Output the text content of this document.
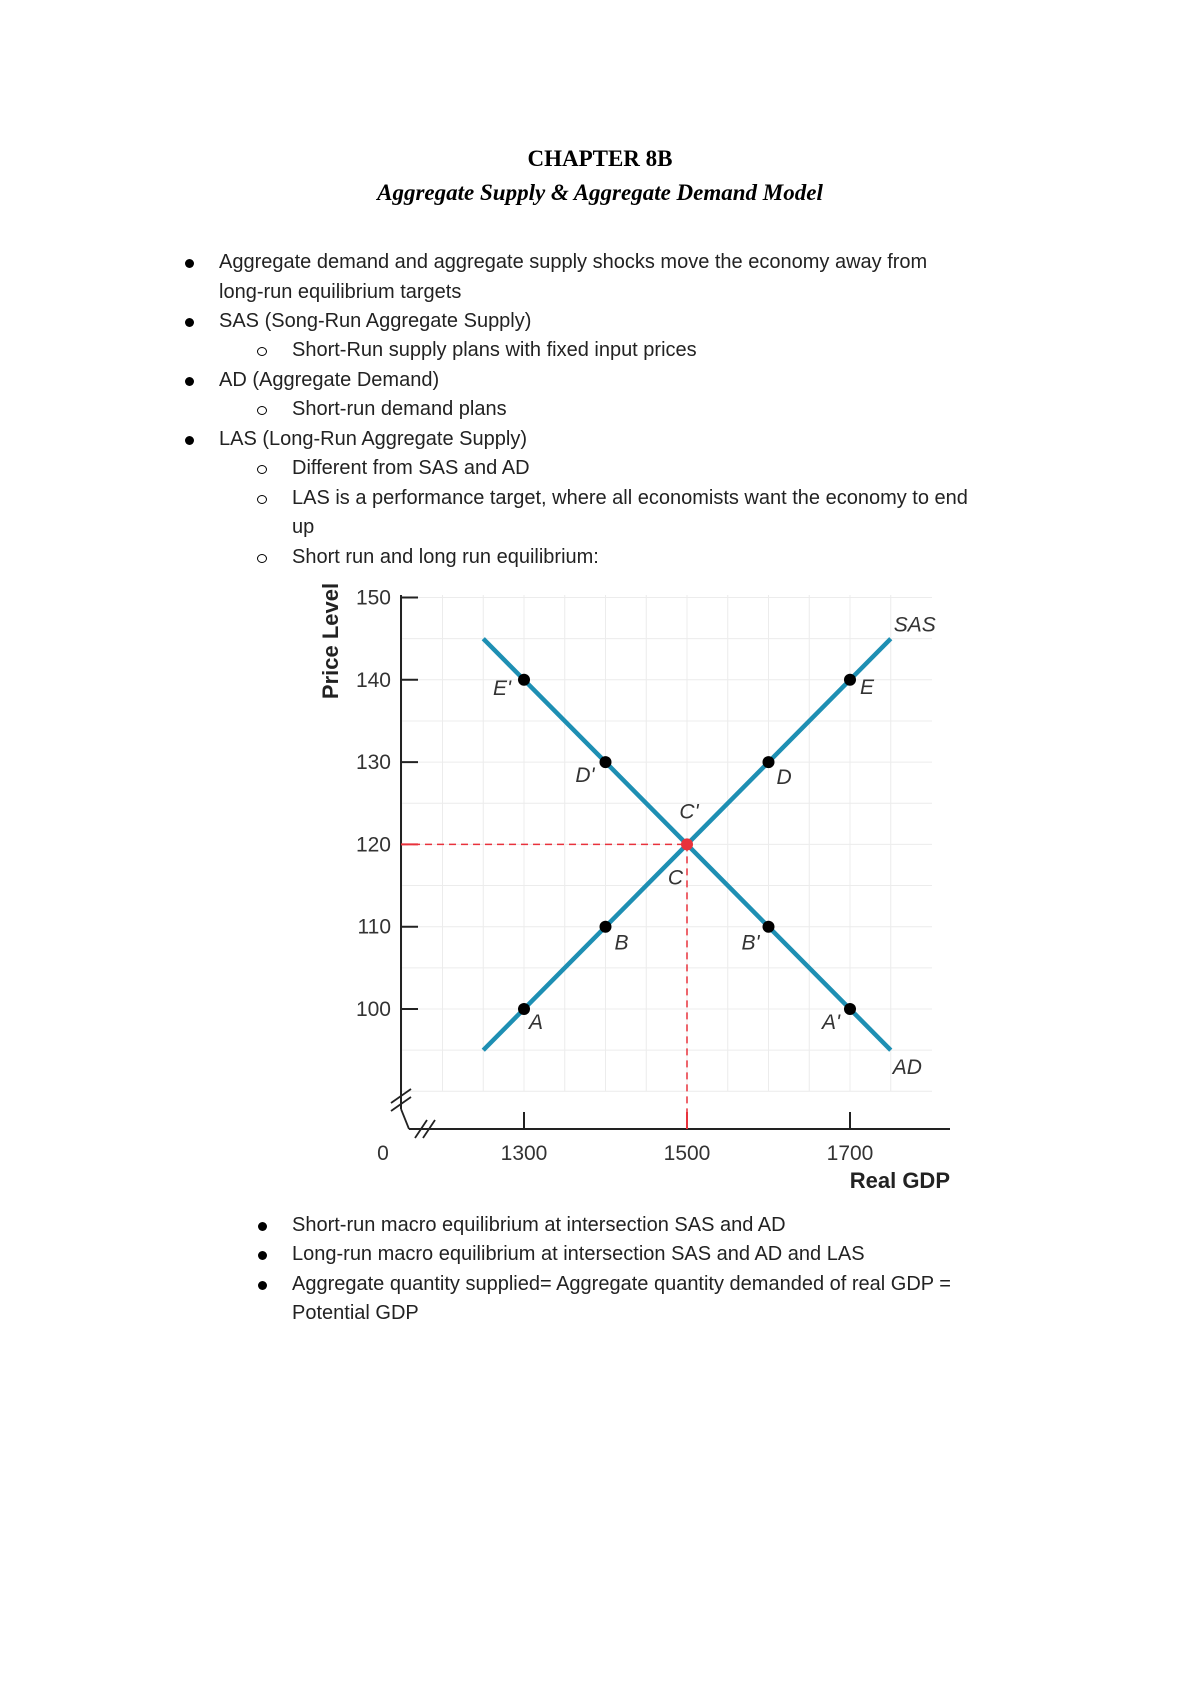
CHAPTER 8B
Aggregate Supply & Aggregate Demand Model
Aggregate demand and aggregate supply shocks move the economy away from
long-run equilibrium targets
SAS (Song-Run Aggregate Supply)
Short-Run supply plans with fixed input prices
AD (Aggregate Demand)
Short-run demand plans
LAS (Long-Run Aggregate Supply)
Different from SAS and AD
LAS is a performance target, where all economists want the economy to end
up
Short run and long run equilibrium:
100
110
120
130
140
150
1300	1500	1700
0
Real GDP
Price Level	SAS
AD
A
B
C
D
E
A'
B'
C'
D'
E'
Short-run macro equilibrium at intersection SAS and AD
Long-run macro equilibrium at intersection SAS and AD and LAS
Aggregate quantity supplied= Aggregate quantity demanded of real GDP =
Potential GDP
